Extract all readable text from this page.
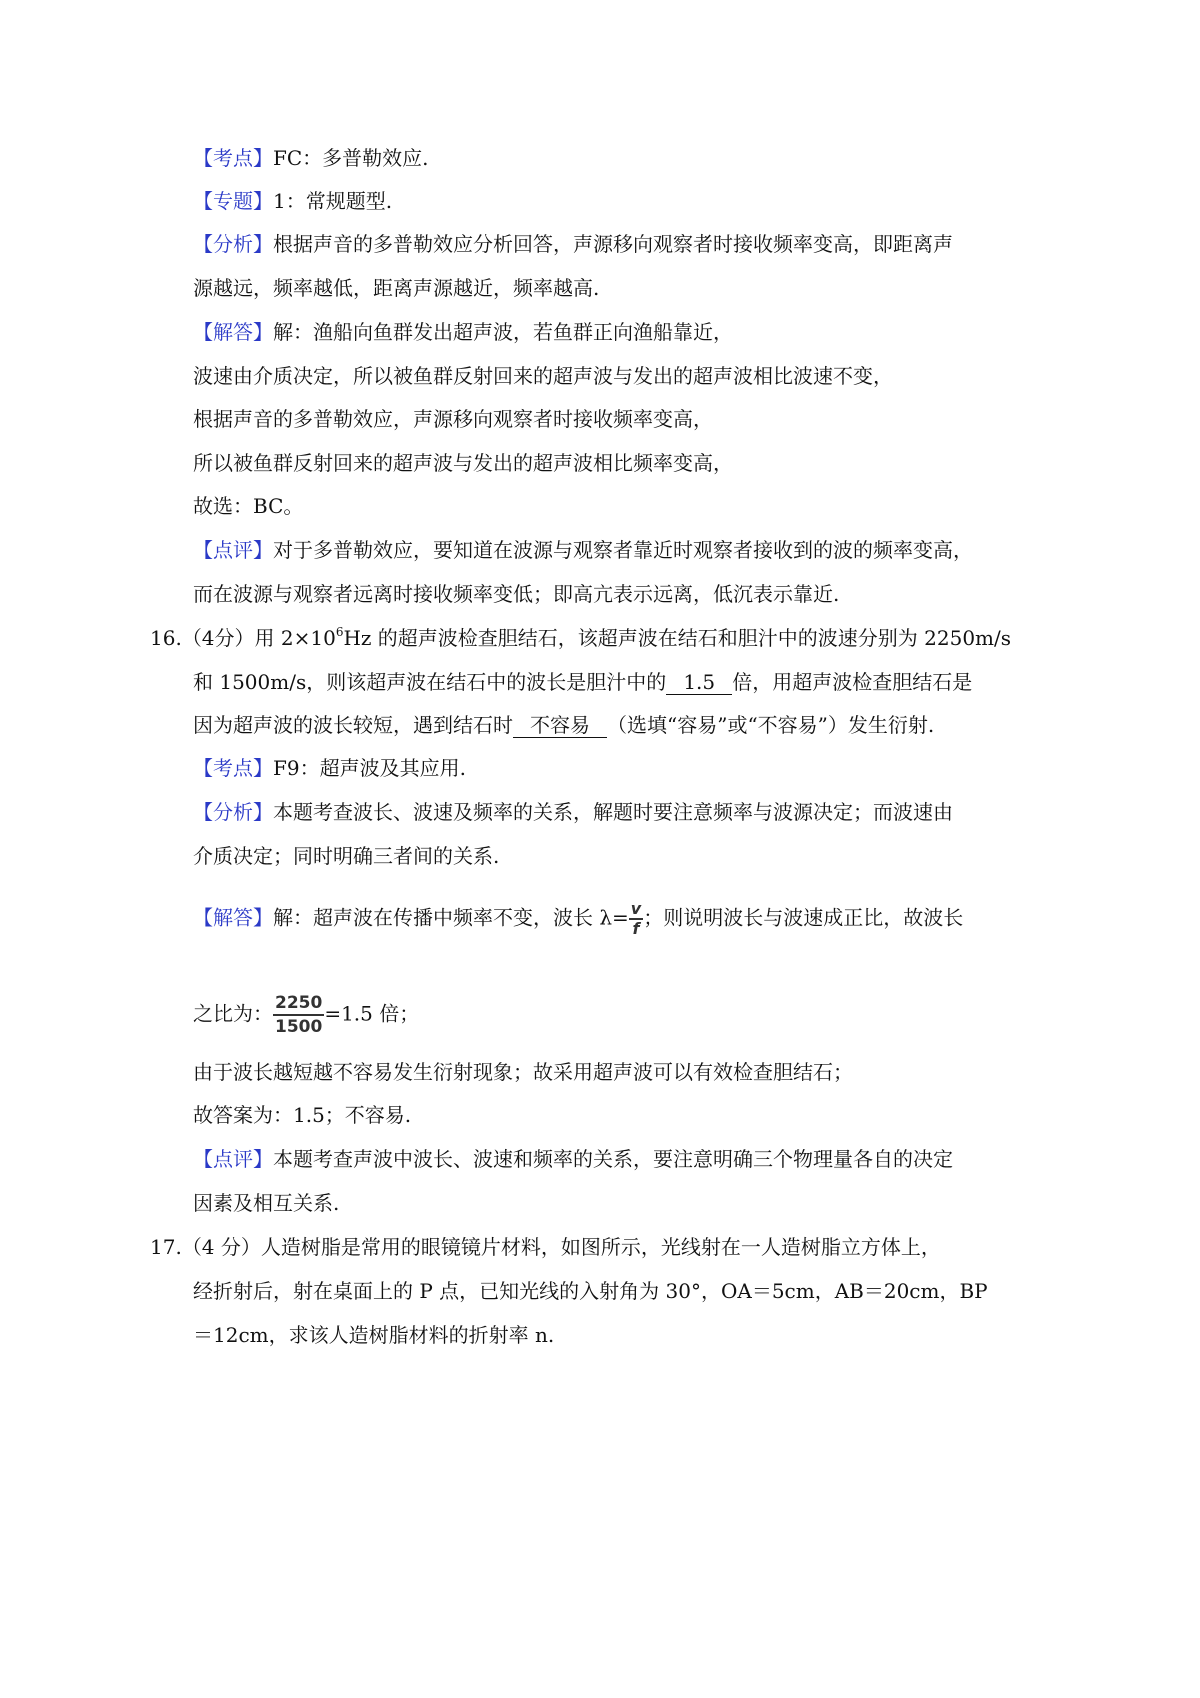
【考点】FC：多普勒效应.
【专题】1：常规题型.
【分析】根据声音的多普勒效应分析回答，声源移向观察者时接收频率变高，即距离声
源越远，频率越低，距离声源越近，频率越高.
【解答】解：渔船向鱼群发出超声波，若鱼群正向渔船靠近，
波速由介质决定，所以被鱼群反射回来的超声波与发出的超声波相比波速不变，
根据声音的多普勒效应，声源移向观察者时接收频率变高，
所以被鱼群反射回来的超声波与发出的超声波相比频率变高，
故选：BC。
【点评】对于多普勒效应，要知道在波源与观察者靠近时观察者接收到的波的频率变高，
而在波源与观察者远离时接收频率变低；即高亢表示远离，低沉表示靠近.
16.（4分）用 $2\times 10^6Hz$ 的超声波检查胆结石，该超声波在结石和胆汁中的波速分别为 2250m/s
和 1500m/s，则该超声波在结石中的波长是胆汁中的 1.5 倍，用超声波检查胆结石是
因为超声波的波长较短，遇到结石时 不容易 （选填“容易”或“不容易”）发生衍射.
【考点】F9：超声波及其应用.
【分析】本题考查波长、波速及频率的关系，解题时要注意频率与波源决定；而波速由
介质决定；同时明确三者间的关系.
【解答】解：超声波在传播中频率不变，波长 $\lambda= \frac{v}{f}$ ；则说明波长与波速成正比，故波长
之比为： $\frac{2250}{1500} =1.5$ 倍；
由于波长越短越不容易发生衍射现象；故采用超声波可以有效检查胆结石；
故答案为：1.5；不容易.
【点评】本题考查声波中波长、波速和频率的关系，要注意明确三个物理量各自的决定
因素及相互关系.
17.（4 分）人造树脂是常用的眼镜镜片材料，如图所示，光线射在一人造树脂立方体上，
经折射后，射在桌面上的 P 点，已知光线的入射角为 30°，OA＝5cm，AB＝20cm，BP
＝12cm，求该人造树脂材料的折射率 n.
